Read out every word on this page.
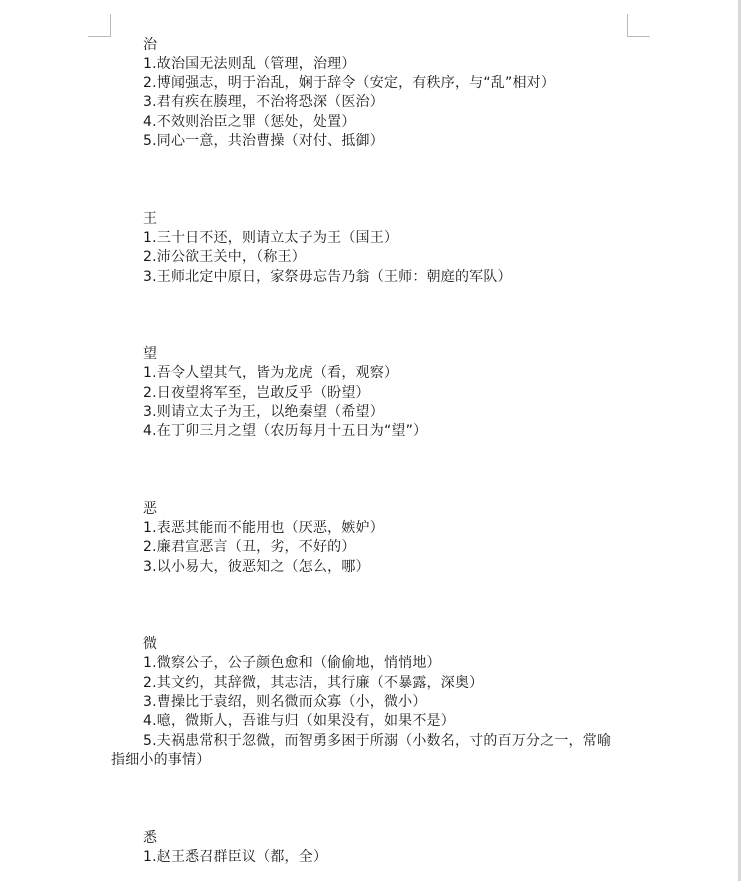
治
1.故治国无法则乱（管理，治理）
2.博闻强志，明于治乱，娴于辞令（安定，有秩序，与“乱”相对）
3.君有疾在腠理，不治将恐深（医治）
4.不效则治臣之罪（惩处，处置）
5.同心一意，共治曹操（对付、抵御）
王
1.三十日不还，则请立太子为王（国王）
2.沛公欲王关中，（称王）
3.王师北定中原日，家祭毋忘告乃翁（王师：朝庭的军队）
望
1.吾令人望其气，皆为龙虎（看，观察）
2.日夜望将军至，岂敢反乎（盼望）
3.则请立太子为王，以绝秦望（希望）
4.在丁卯三月之望（农历每月十五日为“望”）
恶
1.表恶其能而不能用也（厌恶，嫉妒）
2.廉君宣恶言（丑，劣，不好的）
3.以小易大，彼恶知之（怎么，哪）
微
1.微察公子，公子颜色愈和（偷偷地，悄悄地）
2.其文约，其辞微，其志洁，其行廉（不暴露，深奥）
3.曹操比于袁绍，则名微而众寡（小，微小）
4.噫，微斯人，吾谁与归（如果没有，如果不是）
5.夫祸患常积于忽微，而智勇多困于所溺（小数名，寸的百万分之一，常喻
指细小的事情）
悉
1.赵王悉召群臣议（都，全）
